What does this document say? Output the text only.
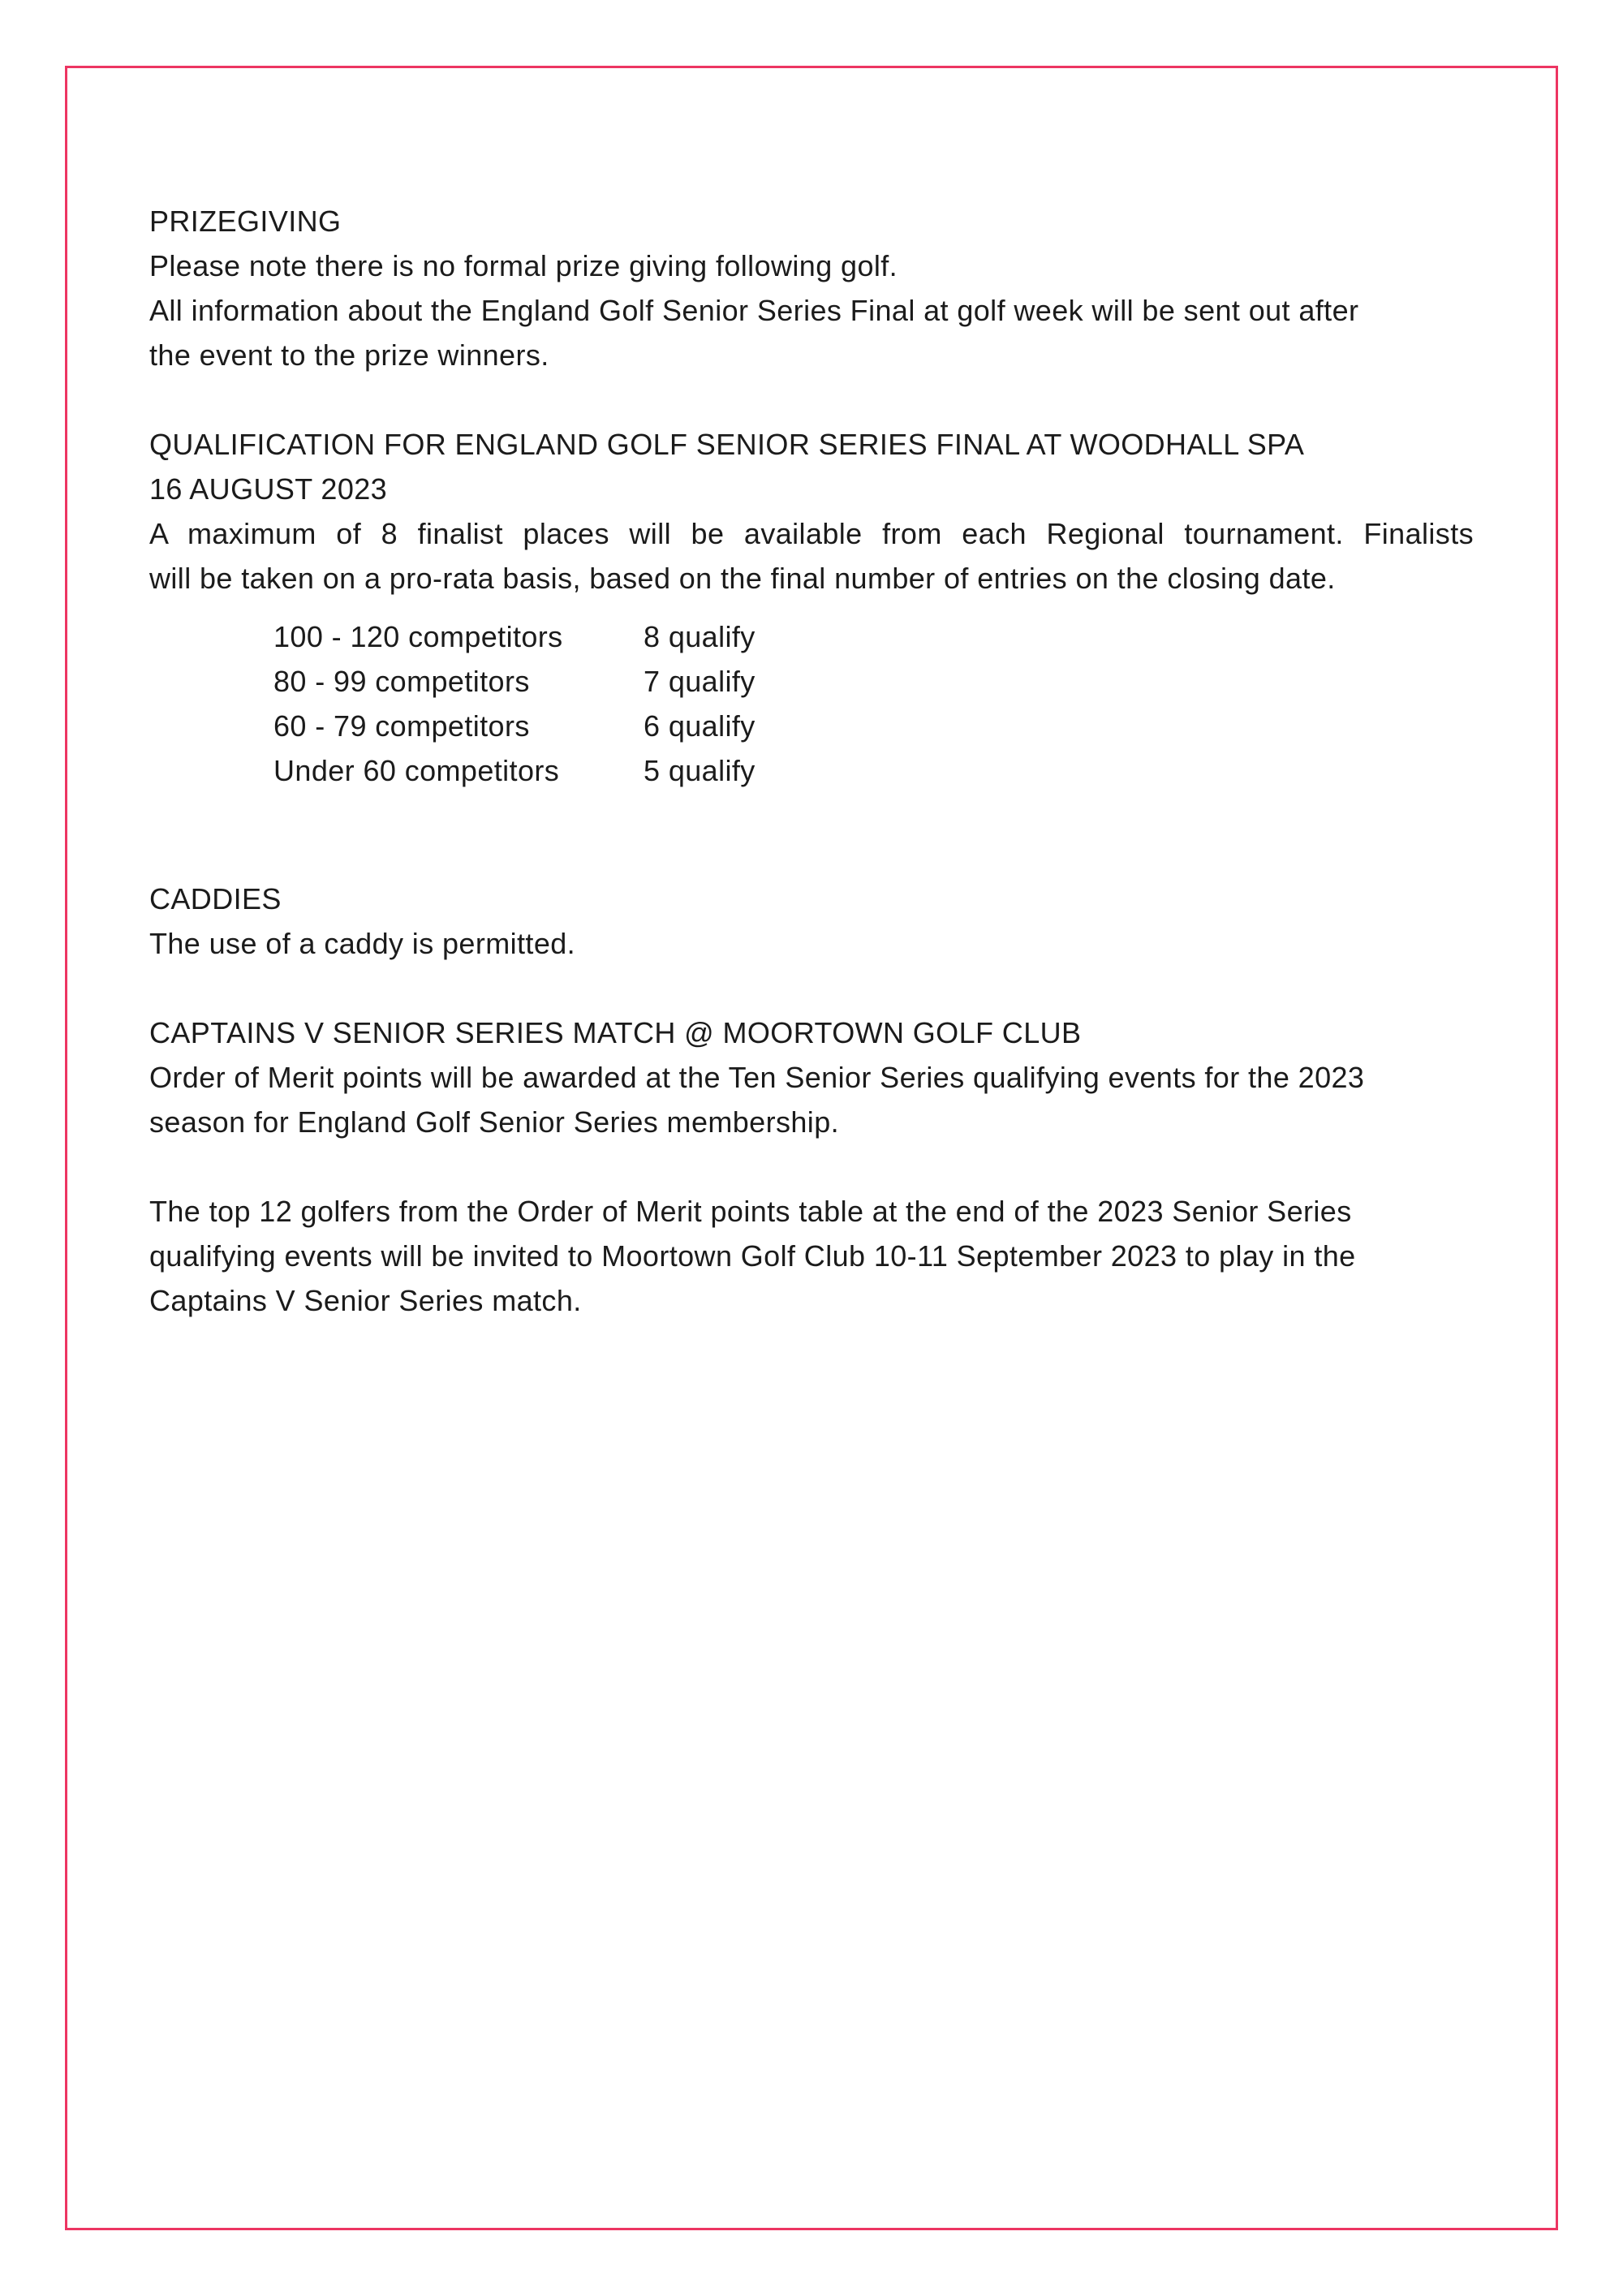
PRIZEGIVING
Please note there is no formal prize giving following golf.
All information about the England Golf Senior Series Final at golf week will be sent out after
the event to the prize winners.
QUALIFICATION FOR ENGLAND GOLF SENIOR SERIES FINAL AT WOODHALL SPA
16 AUGUST 2023
A maximum of 8 finalist places will be available from each Regional tournament. Finalists
will be taken on a pro-rata basis, based on the final number of entries on the closing date.
100 - 120 competitors	8 qualify
80 - 99 competitors	7 qualify
60 - 79 competitors	6 qualify
Under 60 competitors	5 qualify
CADDIES
The use of a caddy is permitted.
CAPTAINS V SENIOR SERIES MATCH @ MOORTOWN GOLF CLUB
Order of Merit points will be awarded at the Ten Senior Series qualifying events for the 2023
season for England Golf Senior Series membership.
The top 12 golfers from the Order of Merit points table at the end of the 2023 Senior Series
qualifying events will be invited to Moortown Golf Club 10-11 September 2023 to play in the
Captains V Senior Series match.
